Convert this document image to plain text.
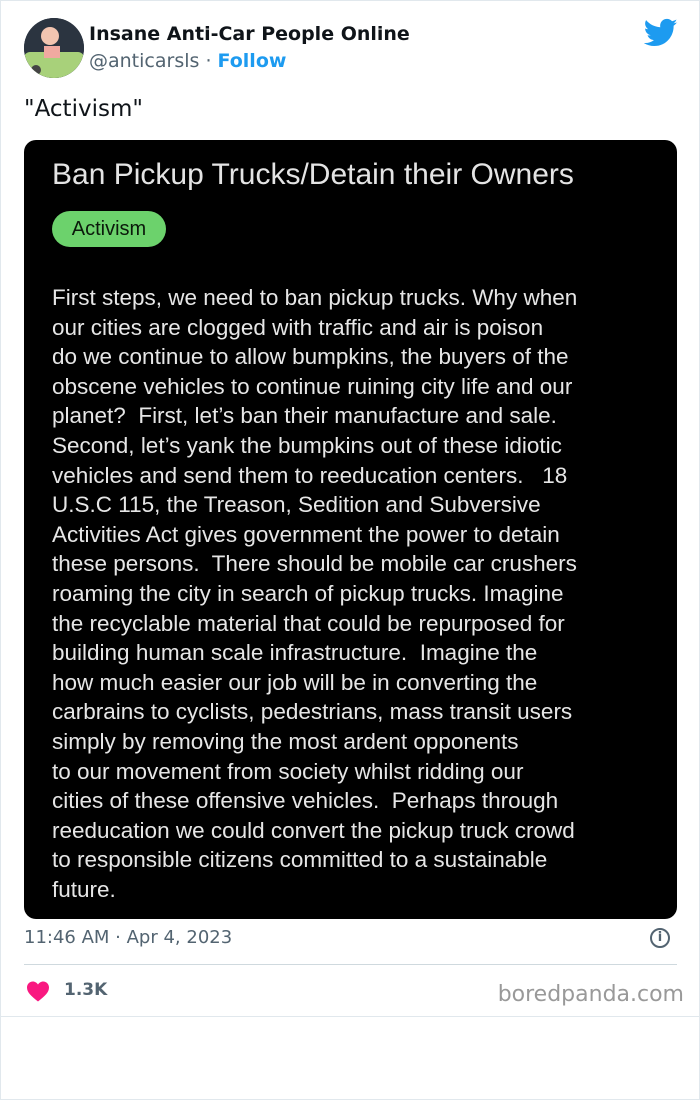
Insane Anti-Car People Online
@anticarsls · Follow
"Activism"
Ban Pickup Trucks/Detain their Owners
Activism
First steps, we need to ban pickup trucks. Why when
our cities are clogged with traffic and air is poison
do we continue to allow bumpkins, the buyers of the
obscene vehicles to continue ruining city life and our
planet?  First, let’s ban their manufacture and sale.
Second, let’s yank the bumpkins out of these idiotic
vehicles and send them to reeducation centers.   18
U.S.C 115, the Treason, Sedition and Subversive
Activities Act gives government the power to detain
these persons.  There should be mobile car crushers
roaming the city in search of pickup trucks. Imagine
the recyclable material that could be repurposed for
building human scale infrastructure.  Imagine the
how much easier our job will be in converting the
carbrains to cyclists, pedestrians, mass transit users
simply by removing the most ardent opponents
to our movement from society whilst ridding our
cities of these offensive vehicles.  Perhaps through
reeducation we could convert the pickup truck crowd
to responsible citizens committed to a sustainable
future.
11:46 AM · Apr 4, 2023	i
1.3K	boredpanda.com
